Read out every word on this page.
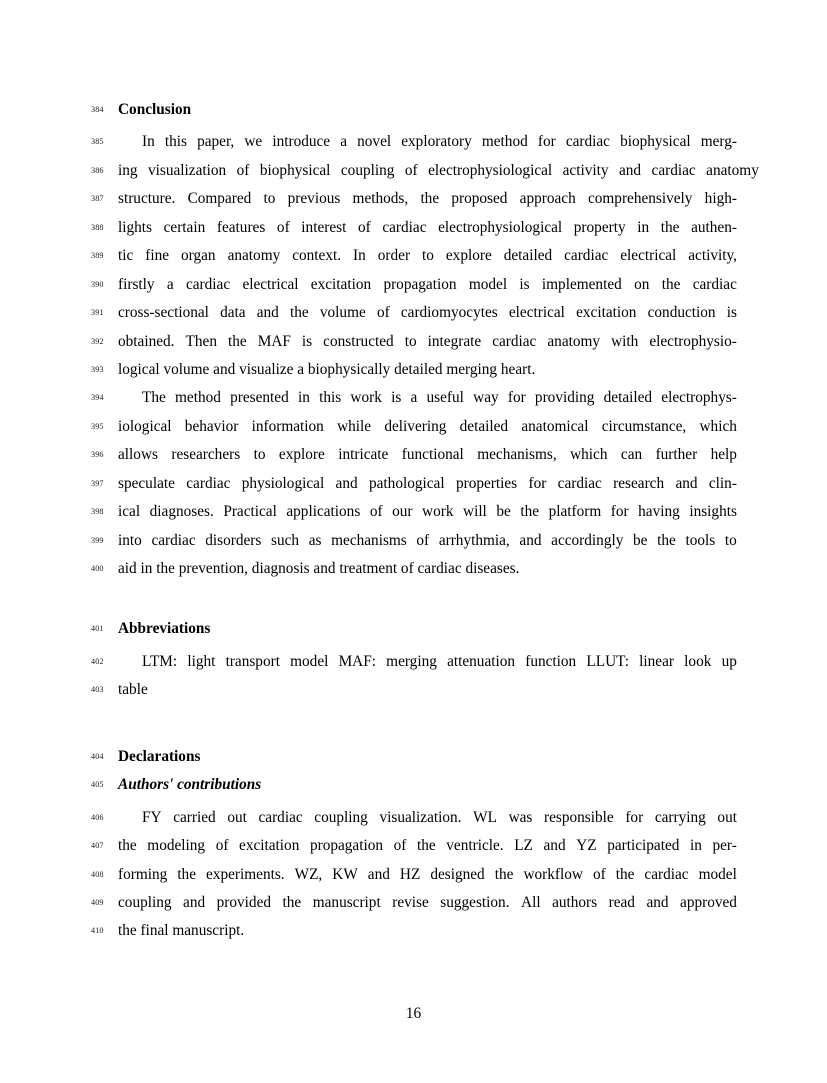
384 Conclusion
385	In this paper, we introduce a novel exploratory method for cardiac biophysical merg-
386 ing visualization of biophysical coupling of electrophysiological activity and cardiac anatomy
387 structure. Compared to previous methods, the proposed approach comprehensively high-
388 lights certain features of interest of cardiac electrophysiological property in the authen-
389 tic fine organ anatomy context. In order to explore detailed cardiac electrical activity,
390 firstly a cardiac electrical excitation propagation model is implemented on the cardiac
391 cross-sectional data and the volume of cardiomyocytes electrical excitation conduction is
392 obtained. Then the MAF is constructed to integrate cardiac anatomy with electrophysio-
393 logical volume and visualize a biophysically detailed merging heart.
394	The method presented in this work is a useful way for providing detailed electrophys-
395 iological behavior information while delivering detailed anatomical circumstance, which
396 allows researchers to explore intricate functional mechanisms, which can further help
397 speculate cardiac physiological and pathological properties for cardiac research and clin-
398 ical diagnoses. Practical applications of our work will be the platform for having insights
399 into cardiac disorders such as mechanisms of arrhythmia, and accordingly be the tools to
400 aid in the prevention, diagnosis and treatment of cardiac diseases.
401 Abbreviations
402	LTM: light transport model MAF: merging attenuation function LLUT: linear look up
403 table
404 Declarations
405 Authors' contributions
406	FY carried out cardiac coupling visualization. WL was responsible for carrying out
407 the modeling of excitation propagation of the ventricle. LZ and YZ participated in per-
408 forming the experiments. WZ, KW and HZ designed the workflow of the cardiac model
409 coupling and provided the manuscript revise suggestion. All authors read and approved
410 the final manuscript.
16
